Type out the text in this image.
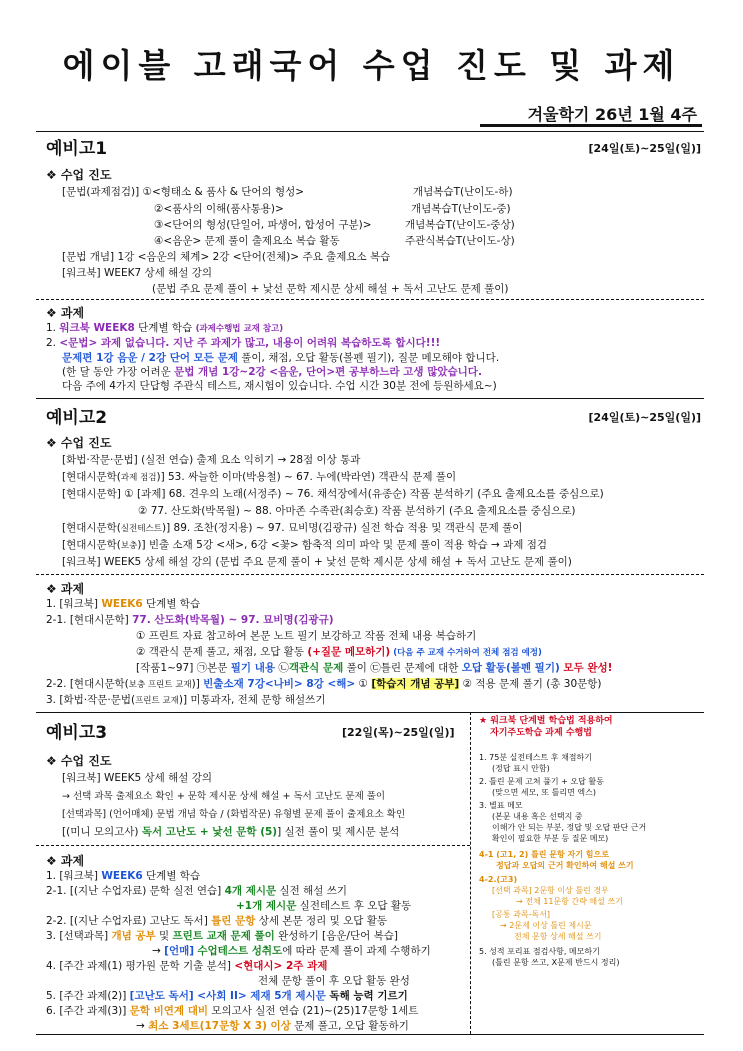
에이블 고래국어 수업 진도 및 과제
겨울학기 26년 1월 4주
예비고1	[24일(토)~25일(일)]
❖ 수업 진도
[문법(과제점검)] ①<형태소 & 품사 & 단어의 형성>	개념복습T(난이도-하)
②<품사의 이해(품사통용)>	개념복습T(난이도-중)
③<단어의 형성(단일어, 파생어, 합성어 구분)>	개념복습T(난이도-중상)
④<음운> 문제 풀이 출제요소 복습 활동	주관식복습T(난이도-상)
[문법 개념] 1강 <음운의 체계> 2강 <단어(전체)> 주요 출제요소 복습
[워크북] WEEK7 상세 해설 강의
(문법 주요 문제 풀이 + 낯선 문학 제시문 상세 해설 + 독서 고난도 문제 풀이)
❖ 과제
1. 워크북 WEEK8 단계별 학습 (과제수행법 교재 참고)
2. <문법> 과제 없습니다. 지난 주 과제가 많고, 내용이 어려워 복습하도록 합시다!!!
문제편 1강 음운 / 2강 단어 모든 문제 풀이, 채점, 오답 활동(볼펜 필기), 질문 메모해야 합니다.
(한 달 동안 가장 어려운 문법 개념 1강~2강 <음운, 단어>편 공부하느라 고생 많았습니다.
다음 주에 4가지 단답형 주관식 테스트, 재시험이 있습니다. 수업 시간 30분 전에 등원하세요~)
예비고2	[24일(토)~25일(일)]
❖ 수업 진도
[화법·작문·문법] (실전 연습) 출제 요소 익히기 → 28점 이상 통과
[현대시문학(과제 점검)] 53. 싸늘한 이마(박용철) ~ 67. 누에(박라연) 객관식 문제 풀이
[현대시문학] ① [과제] 68. 견우의 노래(서정주) ~ 76. 채석장에서(유종순) 작품 분석하기 (주요 출제요소를 중심으로)
② 77. 산도화(박목월) ~ 88. 아마존 수족관(최승호) 작품 분석하기 (주요 출제요소를 중심으로)
[현대시문학(실전테스트)] 89. 조찬(정지용) ~ 97. 묘비명(김광규) 실전 학습 적용 및 객관식 문제 풀이
[현대시문학(보충)] 빈출 소재 5강 <새>, 6강 <꽃> 함축적 의미 파악 및 문제 풀이 적용 학습 → 과제 점검
[워크북] WEEK5 상세 해설 강의 (문법 주요 문제 풀이 + 낯선 문학 제시문 상세 해설 + 독서 고난도 문제 풀이)
❖ 과제
1. [워크북] WEEK6 단계별 학습
2-1. [현대시문학] 77. 산도화(박목월) ~ 97. 묘비명(김광규)
① 프린트 자료 참고하여 본문 노트 필기 보강하고 작품 전체 내용 복습하기
② 객관식 문제 풀고, 채점, 오답 활동 (+질문 메모하기) (다음 주 교재 수거하여 전체 점검 예정)
[작품1~97] ㉠본문 필기 내용 ㉡객관식 문제 풀이 ㉢틀린 문제에 대한 오답 활동(볼펜 필기) 모두 완성!
2-2. [현대시문학(보충 프린트 교재)] 빈출소재 7강<나비> 8강 <해> ① [학습지 개념 공부] ② 적용 문제 풀기 (총 30문항)
3. [화법·작문·문법(프린트 교재)] 미통과자, 전체 문항 해설쓰기
예비고3	[22일(목)~25일(일)]
❖ 수업 진도
[워크북] WEEK5 상세 해설 강의
→ 선택 과목 출제요소 확인 + 문학 제시문 상세 해설 + 독서 고난도 문제 풀이
[선택과목] (언어매체) 문법 개념 학습 / (화법작문) 유형별 문제 풀이 출제요소 확인
[(미니 모의고사) 독서 고난도 + 낯선 문학 (5)] 실전 풀이 및 제시문 분석
❖ 과제
1. [워크북] WEEK6 단계별 학습
2-1. [(지난 수업자료) 문학 실전 연습] 4개 제시문 실전 해설 쓰기
+1개 제시문 실전테스트 후 오답 활동
2-2. [(지난 수업자료) 고난도 독서] 틀린 문항 상세 본문 정리 및 오답 활동
3. [선택과목] 개념 공부 및 프린트 교재 문제 풀이 완성하기 [음운/단어 복습]
→ [언매] 수업테스트 성취도에 따라 문제 풀이 과제 수행하기
4. [주간 과제(1) 평가원 문학 기출 분석] <현대시> 2주 과제
전체 문항 풀이 후 오답 활동 완성
5. [주간 과제(2)] [고난도 독서] <사회 II> 제재 5개 제시문 독해 능력 기르기
6. [주간 과제(3)] 문학 비연계 대비 모의고사 실전 연습 (21)~(25)17문항 1세트
→ 최소 3세트(17문항 X 3) 이상 문제 풀고, 오답 활동하기
★ 워크북 단계별 학습법 적용하여
자기주도학습 과제 수행법
1. 75분 실전테스트 후 채점하기
(정답 표시 안함)
2. 틀린 문제 고쳐 풀기 + 오답 활동
(맞으면 세모, 또 틀리면 엑스)
3. 별표 메모
(본문 내용 혹은 선택지 중
이해가 안 되는 부분, 정답 및 오답 판단 근거
확인이 필요한 부분 등 질문 메모)
4-1 (고1, 2) 틀린 문항 자기 힘으로
정답과 오답의 근거 확인하여 해설 쓰기
4-2.(고3)
[선택 과목] 2문항 이상 틀린 경우
→ 전체 11문항 간략 해설 쓰기
[공통 과목-독서]
→ 2문제 이상 틀린 제시문
전체 문항 상세 해설 쓰기
5. 성적 포리표 점검사항, 메모하기
(틀린 문항 쓰고, X문제 반드시 정리)
